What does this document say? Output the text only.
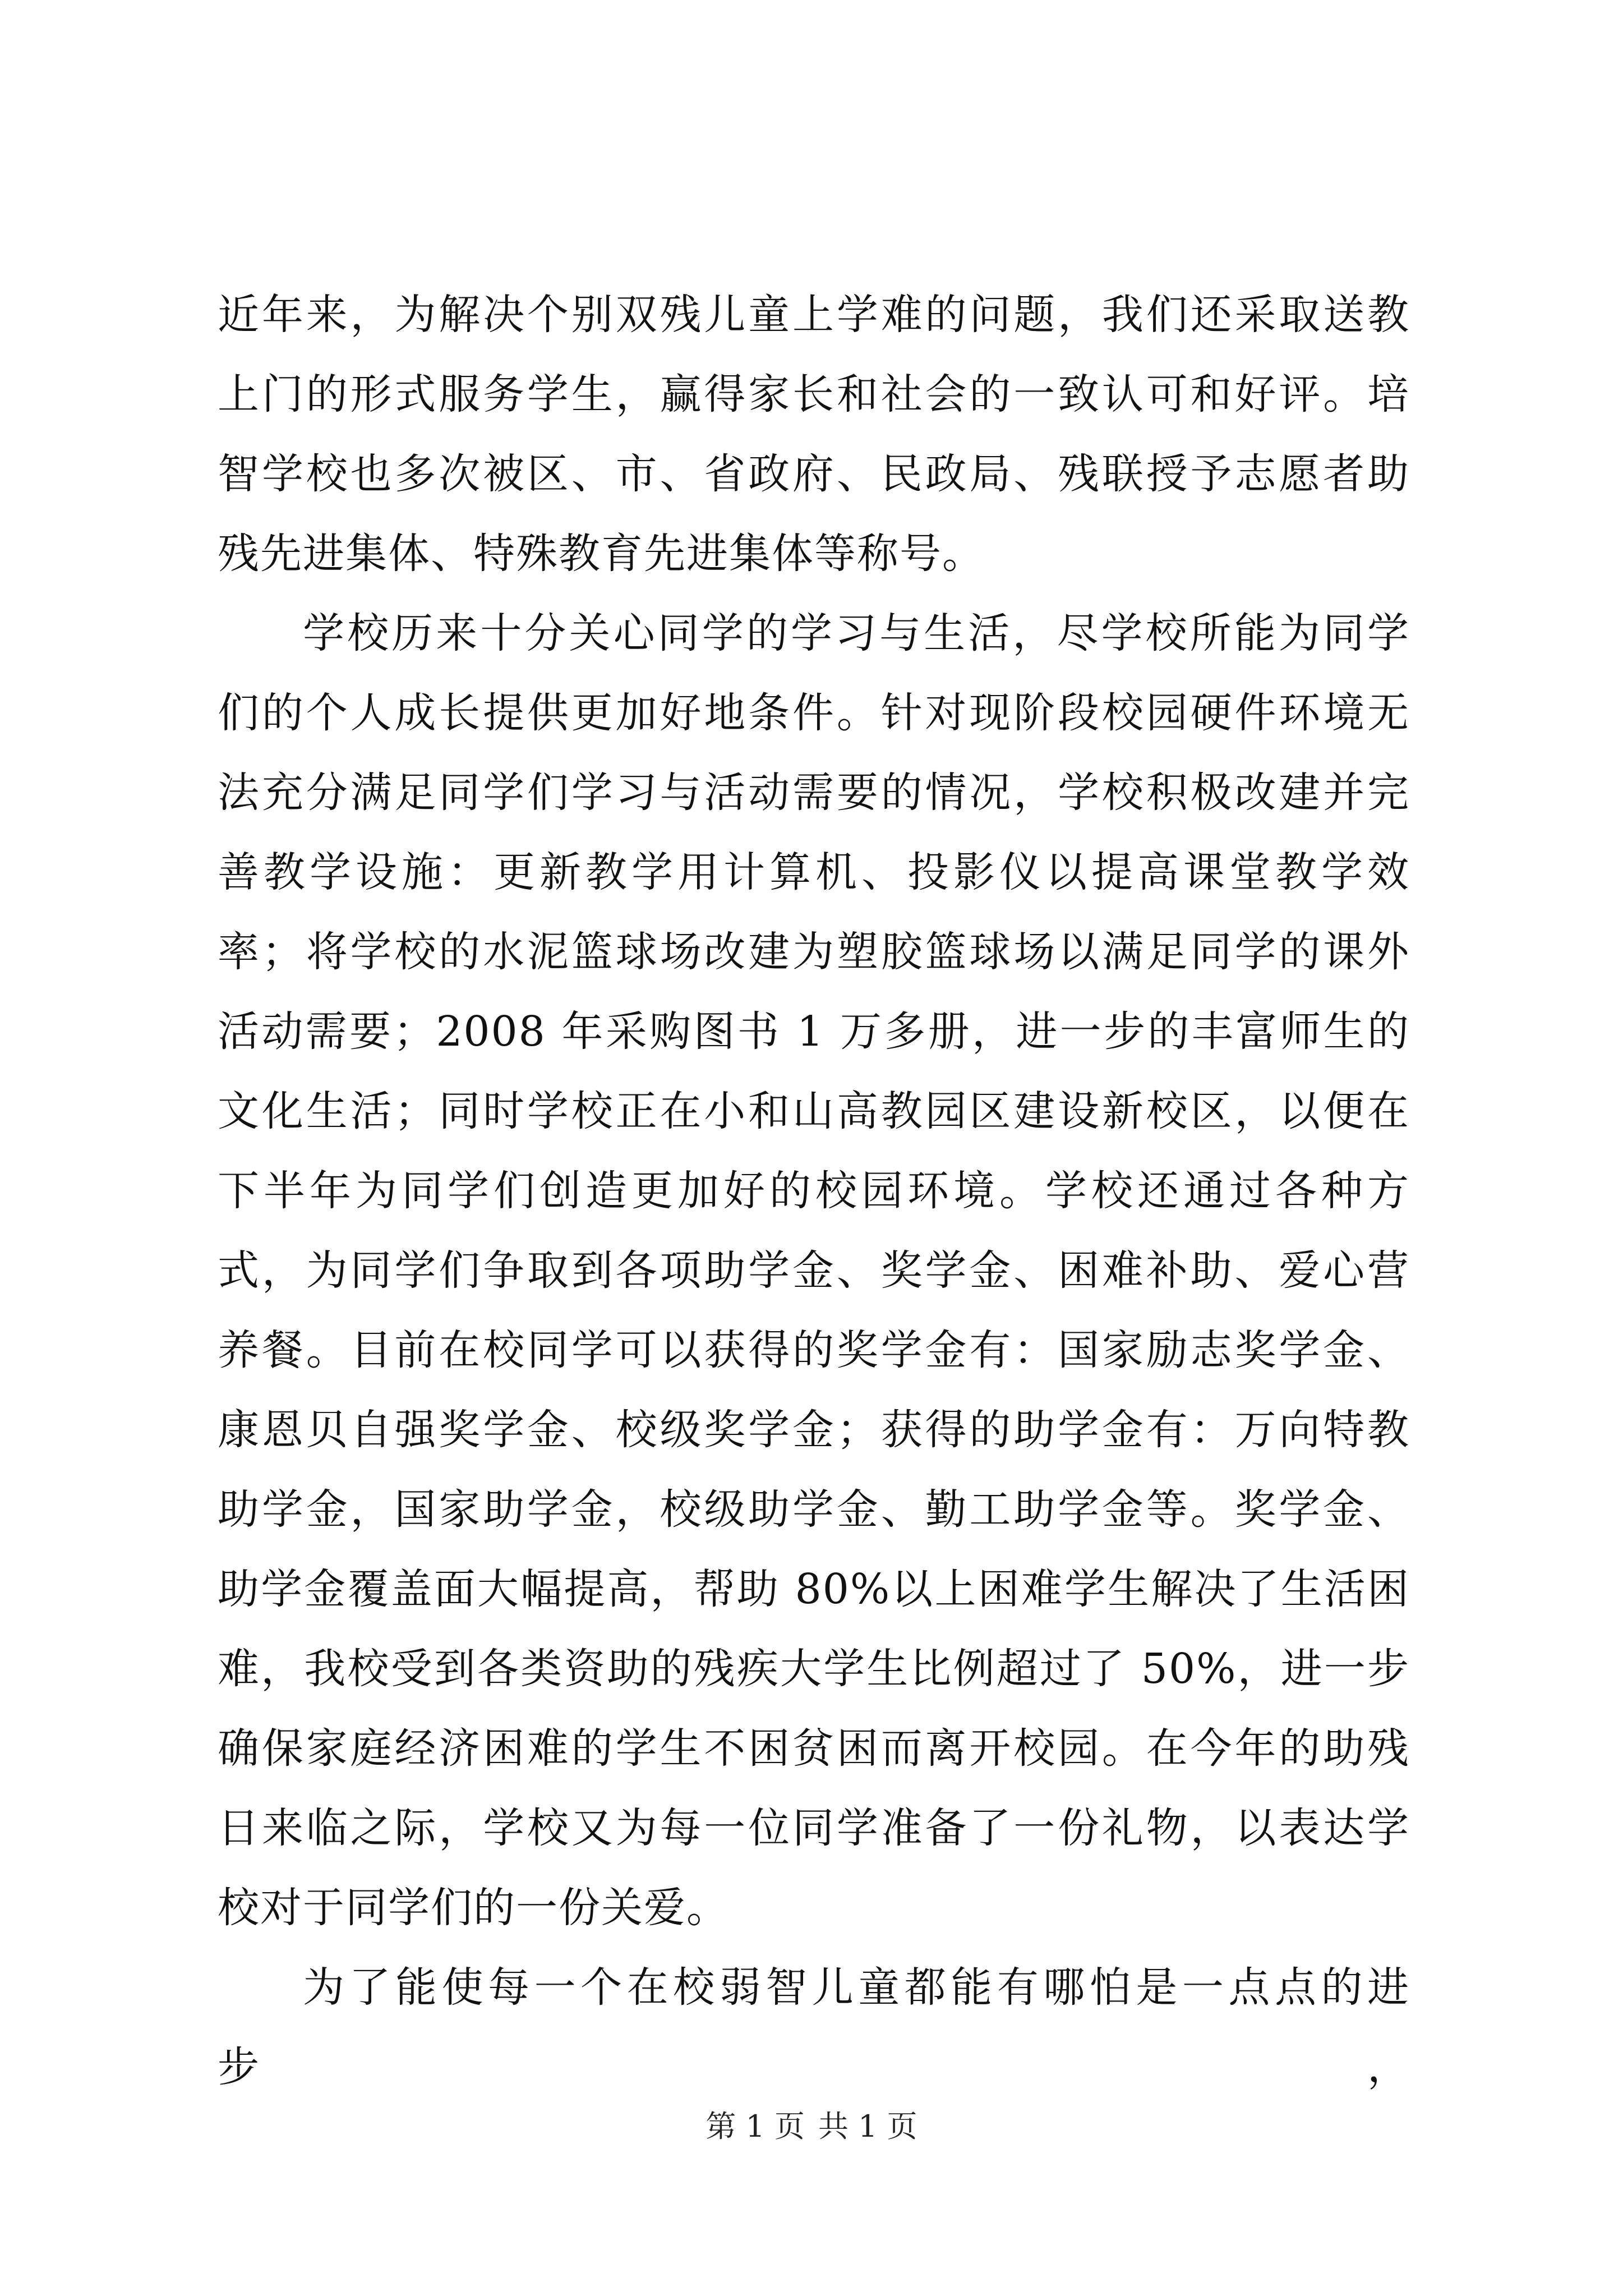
近年来，为解决个别双残儿童上学难的问题，我们还采取送教上门的形式服务学生，赢得家长和社会的一致认可和好评。培智学校也多次被区、市、省政府、民政局、残联授予志愿者助残先进集体、特殊教育先进集体等称号。

学校历来十分关心同学的学习与生活，尽学校所能为同学们的个人成长提供更加好地条件。针对现阶段校园硬件环境无法充分满足同学们学习与活动需要的情况，学校积极改建并完善教学设施：更新教学用计算机、投影仪以提高课堂教学效率；将学校的水泥篮球场改建为塑胶篮球场以满足同学的课外活动需要；2008 年采购图书 1 万多册，进一步的丰富师生的文化生活；同时学校正在小和山高教园区建设新校区，以便在下半年为同学们创造更加好的校园环境。学校还通过各种方式，为同学们争取到各项助学金、奖学金、困难补助、爱心营养餐。目前在校同学可以获得的奖学金有：国家励志奖学金、康恩贝自强奖学金、校级奖学金；获得的助学金有：万向特教助学金，国家助学金，校级助学金、勤工助学金等。奖学金、助学金覆盖面大幅提高，帮助 80%以上困难学生解决了生活困难，我校受到各类资助的残疾大学生比例超过了 50%，进一步确保家庭经济困难的学生不困贫困而离开校园。在今年的助残日来临之际，学校又为每一位同学准备了一份礼物，以表达学校对于同学们的一份关爱。

为了能使每一个在校弱智儿童都能有哪怕是一点点的进步，

第 1 页 共 1 页
